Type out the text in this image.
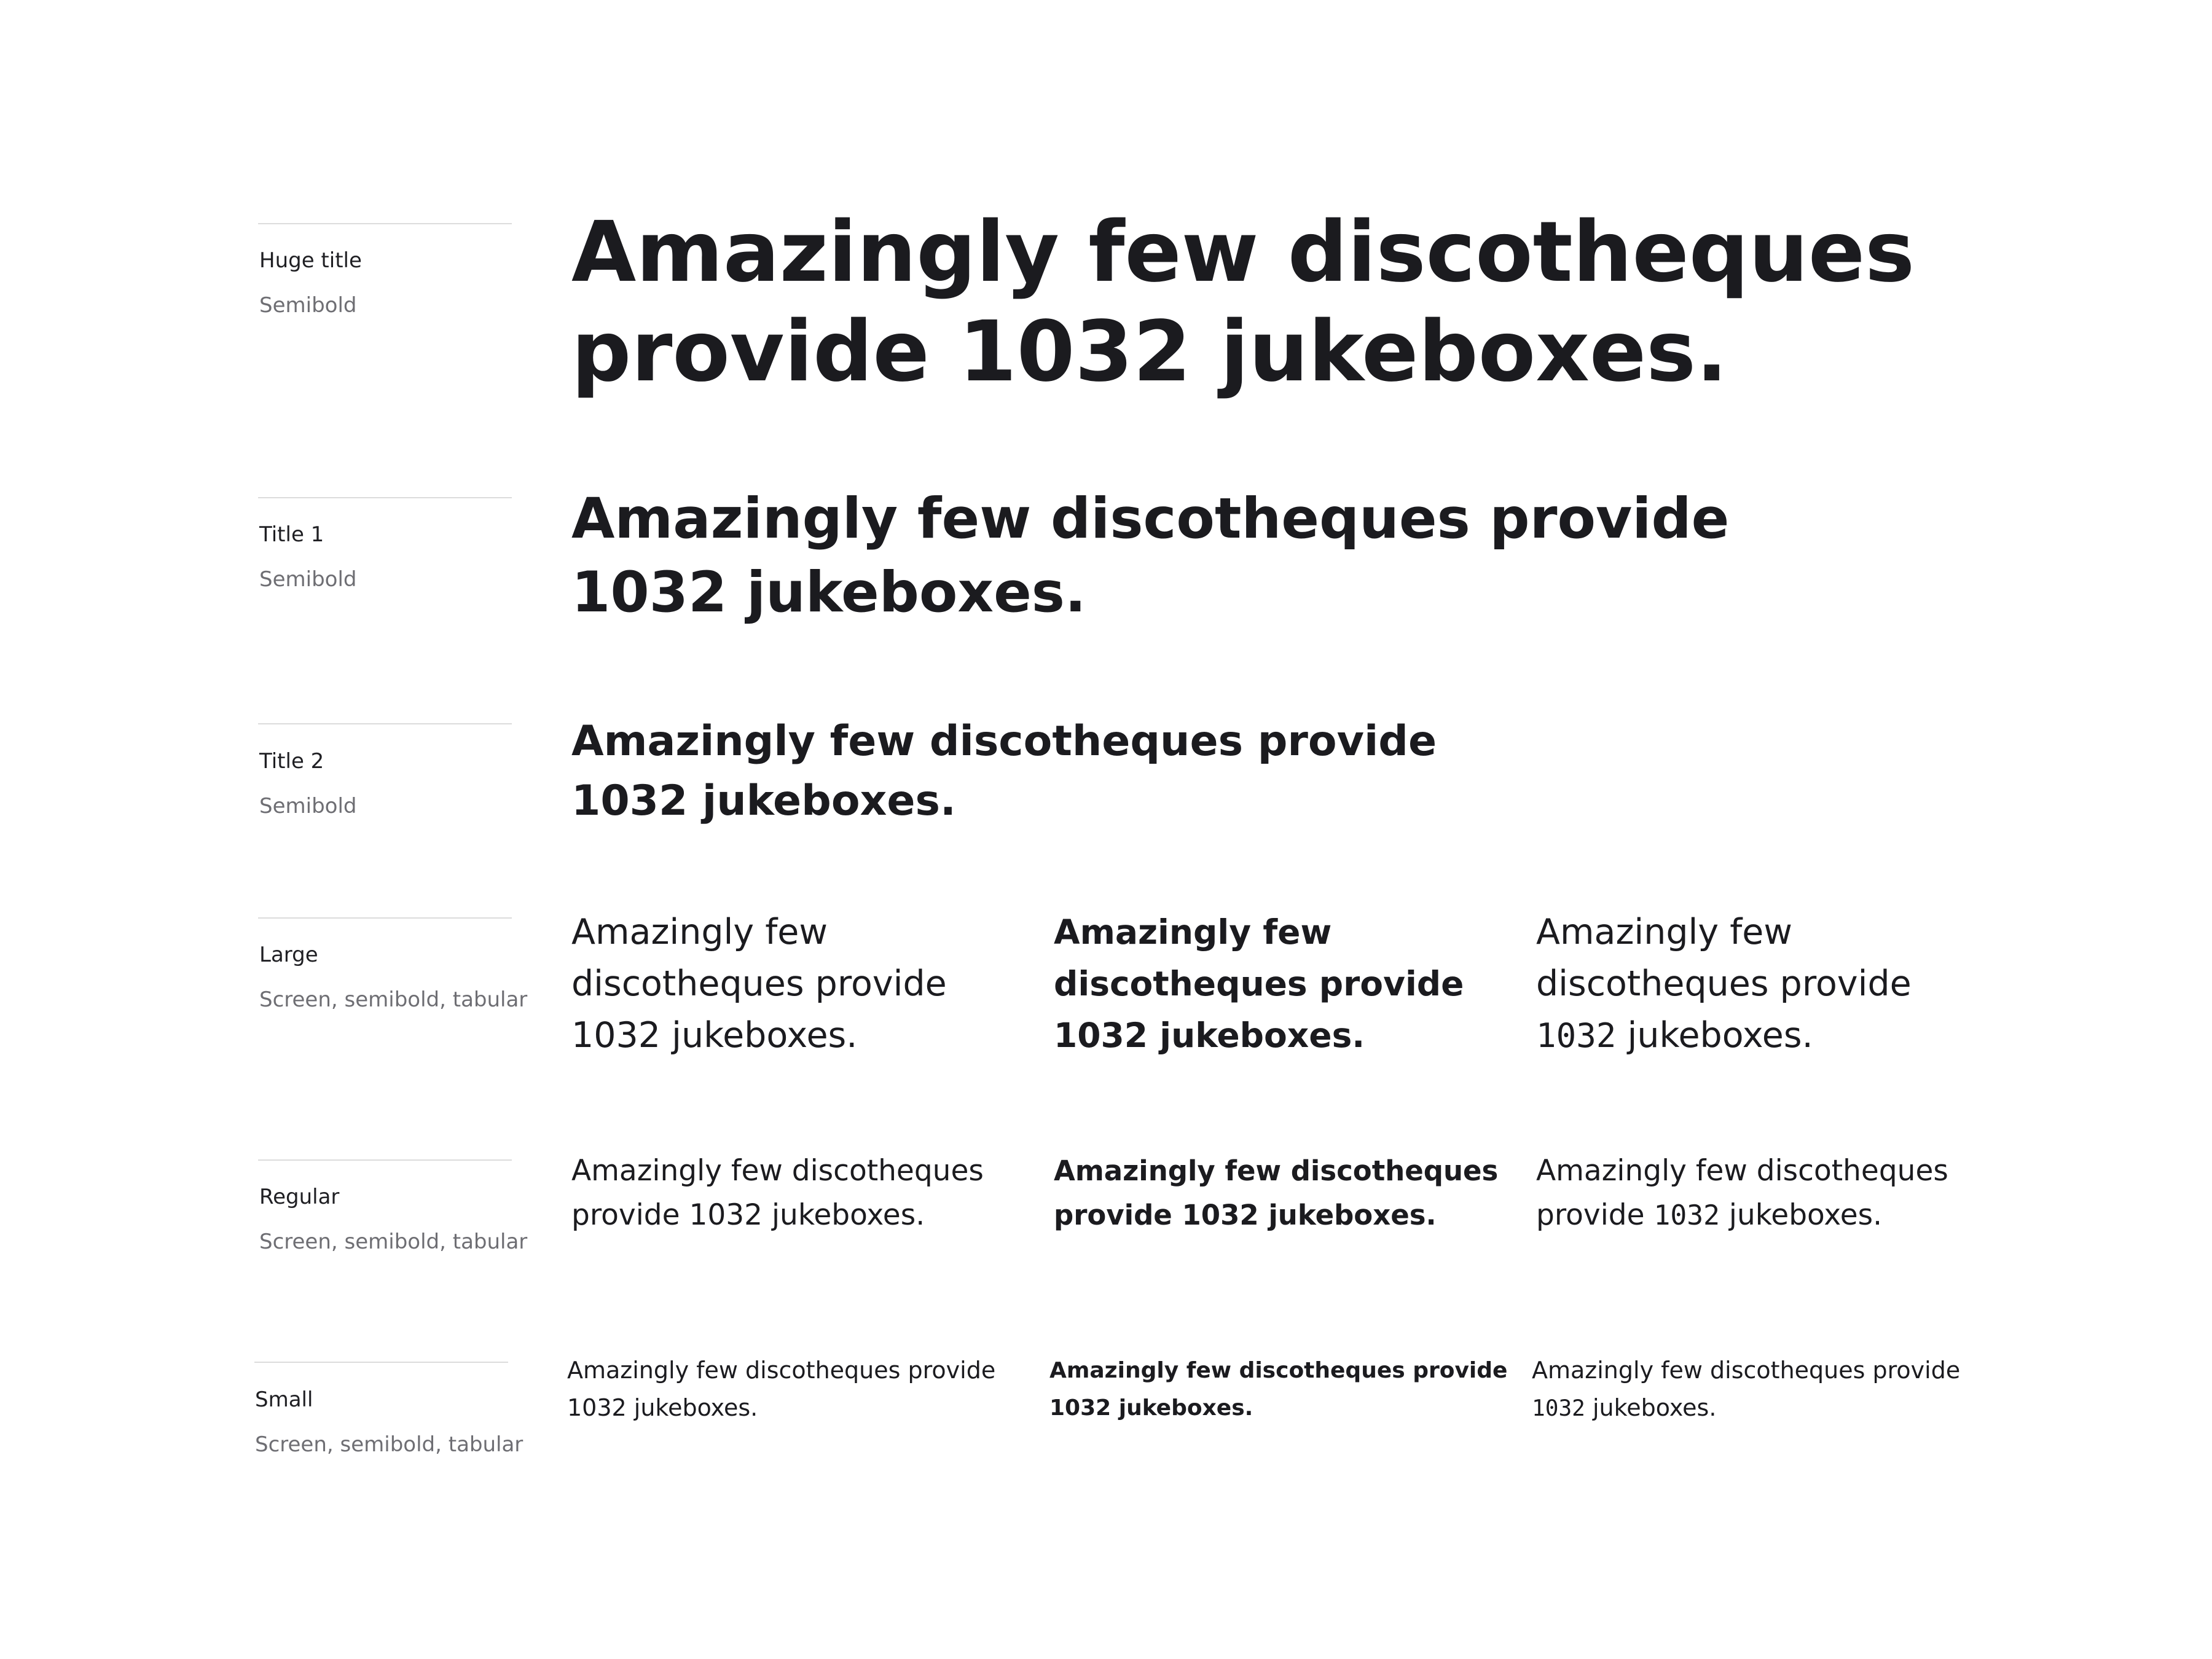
Huge title
Semibold
Amazingly few discotheques
provide 1032 jukeboxes.
Title 1
Semibold
Amazingly few discotheques provide
1032 jukeboxes.
Title 2
Semibold
Amazingly few discotheques provide
1032 jukeboxes.
Large
Screen, semibold, tabular
Amazingly few
discotheques provide
1032 jukeboxes.
Amazingly few
discotheques provide
1032 jukeboxes.
Amazingly few
discotheques provide
1032 jukeboxes.
Regular
Screen, semibold, tabular
Amazingly few discotheques
provide 1032 jukeboxes.
Amazingly few discotheques
provide 1032 jukeboxes.
Amazingly few discotheques
provide 1032 jukeboxes.
Small
Screen, semibold, tabular
Amazingly few discotheques provide
1032 jukeboxes.
Amazingly few discotheques provide
1032 jukeboxes.
Amazingly few discotheques provide
1032 jukeboxes.
